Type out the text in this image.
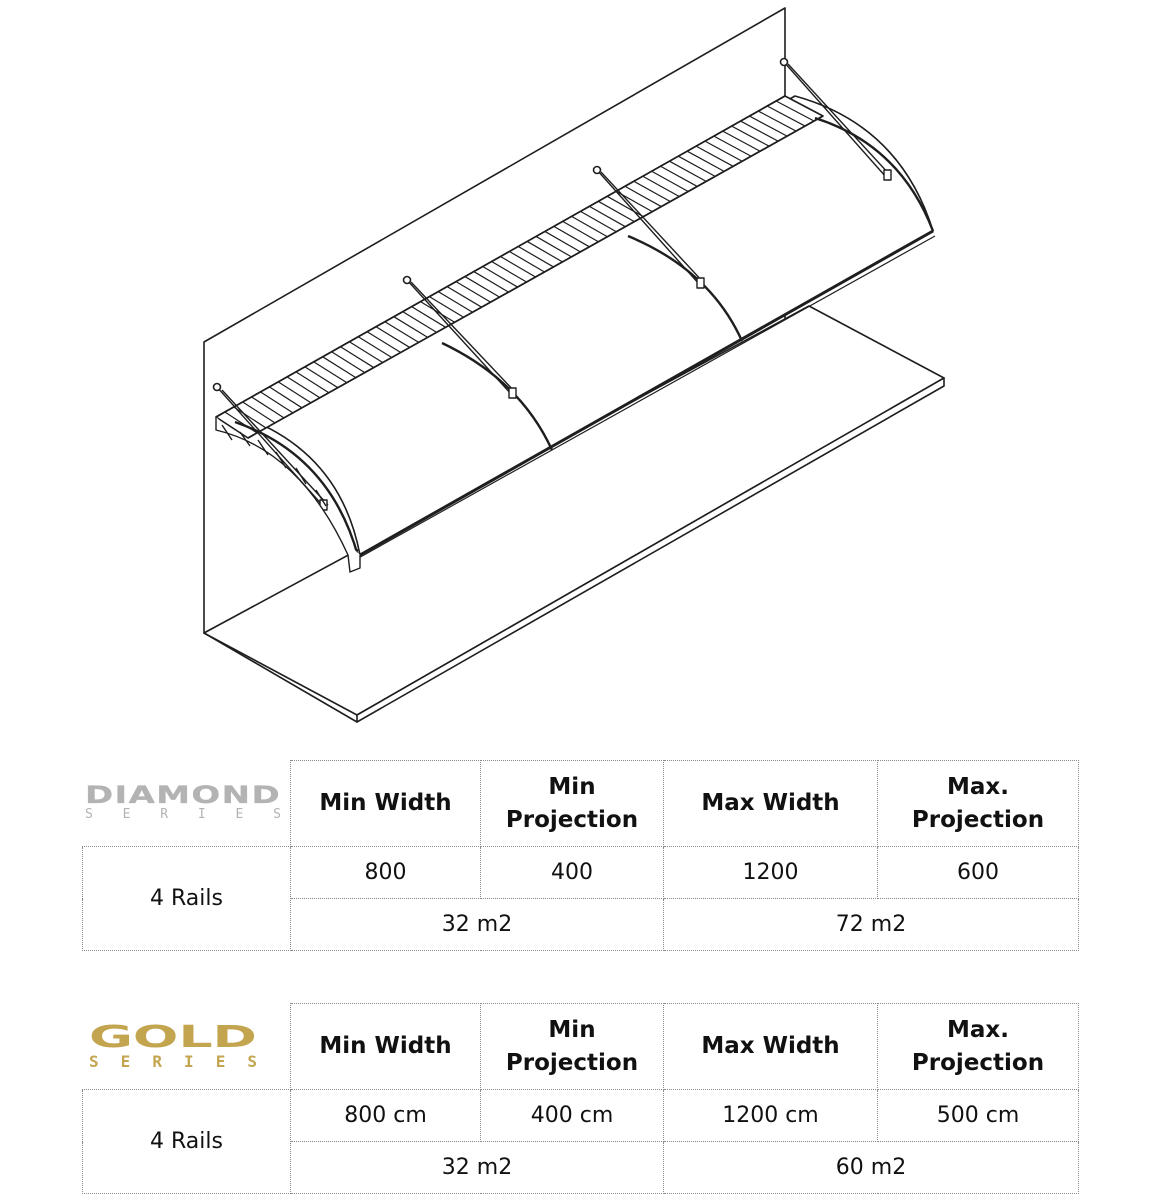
DIAMOND
SERIES	Min Width	Min Projection	Max Width	Max. Projection
4 Rails	800	400	1200	600
	32 m2		72 m2	
GOLD
SERIES	Min Width	Min Projection	Max Width	Max. Projection
4 Rails	800 cm	400 cm	1200 cm	500 cm
	32 m2		60 m2	
